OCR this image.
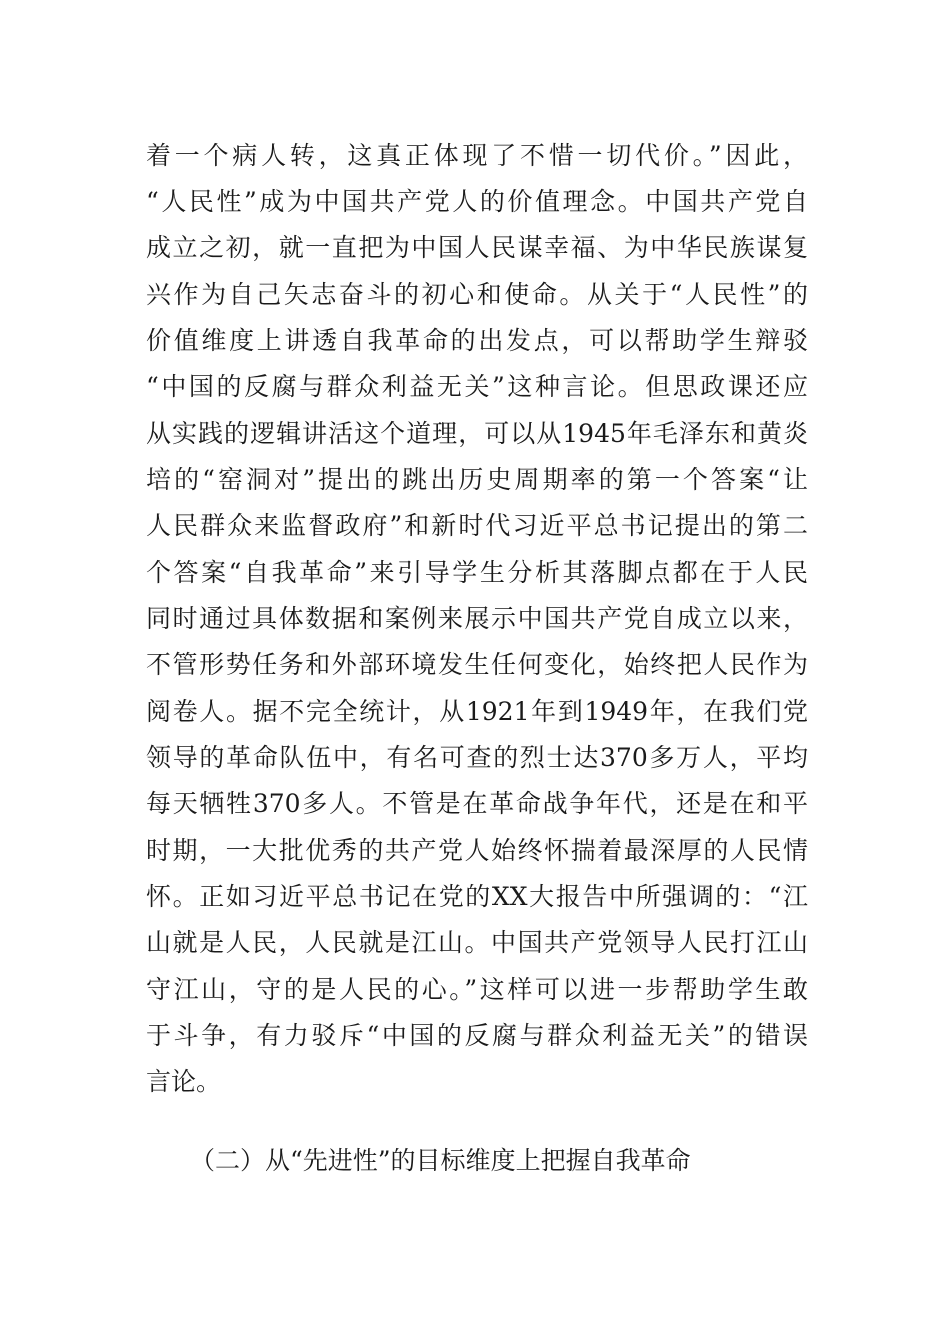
着一个病人转，这真正体现了不惜一切代价。”因此，
“人民性”成为中国共产党人的价值理念。中国共产党自
成立之初，就一直把为中国人民谋幸福、为中华民族谋复
兴作为自己矢志奋斗的初心和使命。从关于“人民性”的
价值维度上讲透自我革命的出发点，可以帮助学生辩驳
“中国的反腐与群众利益无关”这种言论。但思政课还应
从实践的逻辑讲活这个道理，可以从1945年毛泽东和黄炎
培的“窑洞对”提出的跳出历史周期率的第一个答案“让
人民群众来监督政府”和新时代习近平总书记提出的第二
个答案“自我革命”来引导学生分析其落脚点都在于人民
同时通过具体数据和案例来展示中国共产党自成立以来，
不管形势任务和外部环境发生任何变化，始终把人民作为
阅卷人。据不完全统计，从1921年到1949年，在我们党
领导的革命队伍中，有名可查的烈士达370多万人，平均
每天牺牲370多人。不管是在革命战争年代，还是在和平
时期，一大批优秀的共产党人始终怀揣着最深厚的人民情
怀。正如习近平总书记在党的XX大报告中所强调的：“江
山就是人民，人民就是江山。中国共产党领导人民打江山
守江山，守的是人民的心。”这样可以进一步帮助学生敢
于斗争，有力驳斥“中国的反腐与群众利益无关”的错误
言论。
（二）从“先进性”的目标维度上把握自我革命
